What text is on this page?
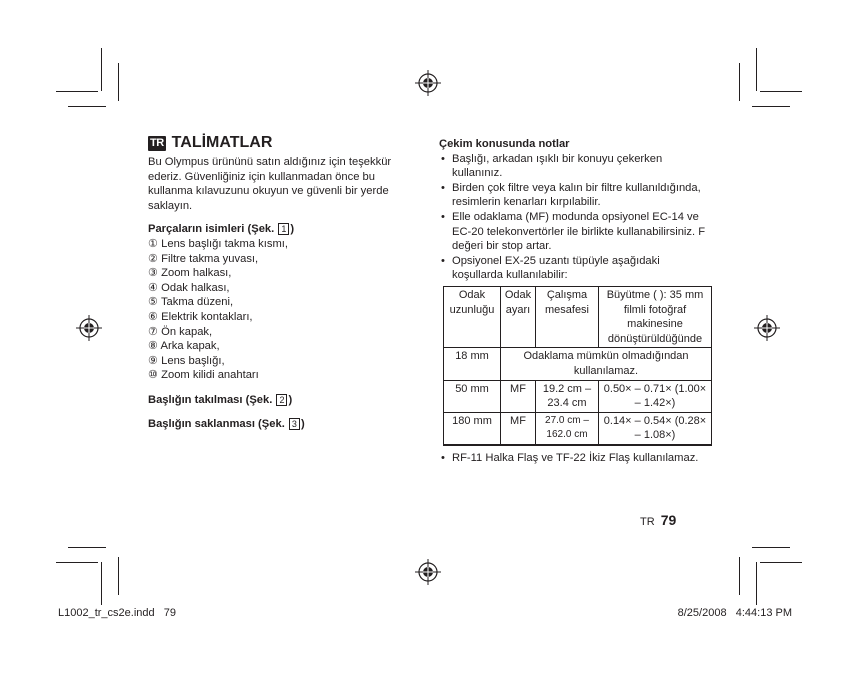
TR TALİMATLAR
Bu Olympus ürününü satın aldığınız için teşekkür ederiz. Güvenliğiniz için kullanmadan önce bu kullanma kılavuzunu okuyun ve güvenli bir yerde saklayın.
Parçaların isimleri (Şek. 1 )
① Lens başlığı takma kısmı,
② Filtre takma yuvası,
③ Zoom halkası,
④ Odak halkası,
⑤ Takma düzeni,
⑥ Elektrik kontakları,
⑦ Ön kapak,
⑧ Arka kapak,
⑨ Lens başlığı,
⑩ Zoom kilidi anahtarı
Başlığın takılması (Şek. 2 )
Başlığın saklanması (Şek. 3 )
Çekim konusunda notlar
• Başlığı, arkadan ışıklı bir konuyu çekerken kullanınız.
• Birden çok filtre veya kalın bir filtre kullanıldığında, resimlerin kenarları kırpılabilir.
• Elle odaklama (MF) modunda opsiyonel EC-14 ve EC-20 telekonvertörler ile birlikte kullanabilirsiniz. F değeri bir stop artar.
• Opsiyonel EX-25 uzantı tüpüyle aşağıdaki koşullarda kullanılabilir:
Odak uzunluğu	Odak ayarı	Çalışma mesafesi	Büyütme ( ): 35 mm filmli fotoğraf makinesine dönüştürüldüğünde
18 mm	Odaklama mümkün olmadığından kullanılamaz.		
50 mm	MF	19.2 cm – 23.4 cm	0.50× – 0.71× (1.00× – 1.42×)
180 mm	MF	27.0 cm – 162.0 cm	0.14× – 0.54× (0.28× – 1.08×)
• RF-11 Halka Flaş ve TF-22 İkiz Flaş kullanılamaz.
TR 79
L1002_tr_cs2e.indd   79	8/25/2008   4:44:13 PM
